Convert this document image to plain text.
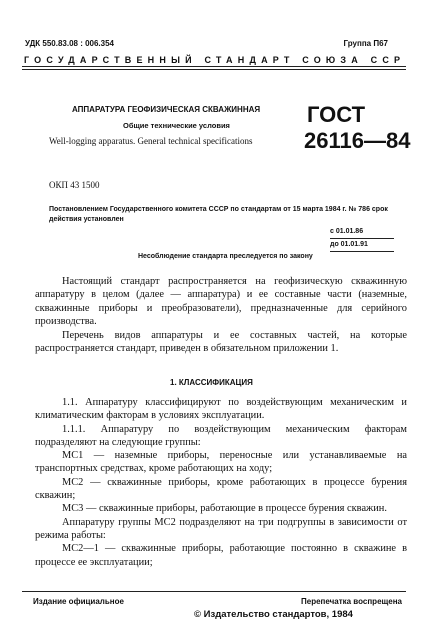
УДК 550.83.08 : 006.354	Группа П67
ГОСУДАРСТВЕННЫЙ СТАНДАРТ СОЮЗА ССР
АППАРАТУРА ГЕОФИЗИЧЕСКАЯ СКВАЖИННАЯ
Общие технические условия
Well-logging apparatus. General technical specifications
ГОСТ
26116—84
ОКП 43 1500
Постановлением Государственного комитета СССР по стандартам от 15 марта 1984 г. № 786 срок действия установлен
с 01.01.86
до 01.01.91
Несоблюдение стандарта преследуется по закону

Настоящий стандарт распространяется на геофизическую скважинную аппаратуру в целом (далее — аппаратура) и ее составные части (наземные, скважинные приборы и преобразователи), предназначенные для серийного производства.

Перечень видов аппаратуры и ее составных частей, на которые распространяется стандарт, приведен в обязательном приложении 1.

1. КЛАССИФИКАЦИЯ

1.1. Аппаратуру классифицируют по воздействующим механическим и климатическим факторам в условиях эксплуатации.

1.1.1. Аппаратуру по воздействующим механическим факторам подразделяют на следующие группы:

МС1 — наземные приборы, переносные или устанавливаемые на транспортных средствах, кроме работающих на ходу;

МС2 — скважинные приборы, кроме работающих в процессе бурения скважин;

МС3 — скважинные приборы, работающие в процессе бурения скважин.

Аппаратуру группы МС2 подразделяют на три подгруппы в зависимости от режима работы:

МС2—1 — скважинные приборы, работающие постоянно в скважине в процессе ее эксплуатации;

Издание официальное	Перепечатка воспрещена
© Издательство стандартов, 1984
